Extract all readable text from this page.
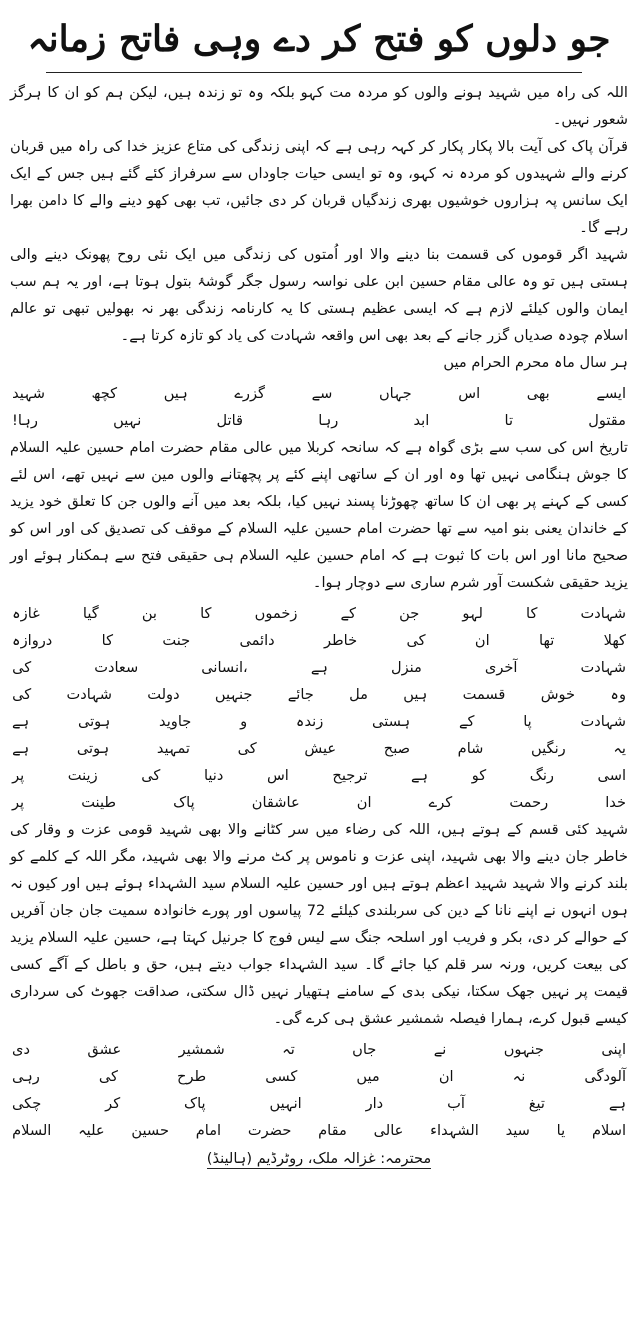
جو دلوں کو فتح کر دے وہی فاتح زمانہ

اللہ کی راہ میں شہید ہونے والوں کو مردہ مت کہو بلکہ وہ تو زندہ ہیں، لیکن ہم کو ان کا ہرگز شعور نہیں۔

قرآن پاک کی آیت بالا پکار پکار کر کہہ رہی ہے کہ اپنی زندگی کی متاع عزیز خدا کی راہ میں قربان کرنے والے شہیدوں کو مردہ نہ کہو، وہ تو ایسی حیات جاوداں سے سرفراز کئے گئے ہیں جس کے ایک ایک سانس پہ ہزاروں خوشیوں بھری زندگیاں قربان کر دی جائیں، تب بھی کھو دینے والے کا دامن بھرا رہے گا۔

شہید اگر قوموں کی قسمت بنا دینے والا اور اُمتوں کی زندگی میں ایک نئی روح پھونک دینے والی ہستی ہیں تو وہ عالی مقام حسین ابن علی نواسہ رسول جگر گوشۂ بتول ہوتا ہے، اور یہ ہم سب ایمان والوں کیلئے لازم ہے کہ ایسی عظیم ہستی کا یہ کارنامہ زندگی بھر نہ بھولیں تبھی تو عالم اسلام چودہ صدیاں گزر جانے کے بعد بھی اس واقعہ شہادت کی یاد کو تازہ کرتا ہے۔

ہر سال ماہ محرم الحرام میں

ایسے
بھی
اس
جہاں
سے
گزرے
ہیں
کچھ
شہید
مقتول
تا
ابد
رہا
قاتل
نہیں
رہا!

تاریخ اس کی سب سے بڑی گواہ ہے کہ سانحہ کربلا میں عالی مقام حضرت امام حسین علیہ السلام کا جوش ہنگامی نہیں تھا وہ اور ان کے ساتھی اپنے کئے پر پچھتانے والوں مین سے نہیں تھے، اس لئے کسی کے کہنے پر بھی ان کا ساتھ چھوڑنا پسند نہیں کیا، بلکہ بعد میں آنے والوں جن کا تعلق خود یزید کے خاندان یعنی بنو امیہ سے تھا حضرت امام حسین علیہ السلام کے موقف کی تصدیق کی اور اس کو صحیح مانا اور اس بات کا ثبوت ہے کہ امام حسین علیہ السلام ہی حقیقی فتح سے ہمکنار ہوئے اور یزید حقیقی شکست آور شرم ساری سے دوچار ہوا۔

شہادت
کا
لہو
جن
کے
زخموں
کا
بن
گیا
غازہ
کھلا
تھا
ان
کی
خاطر
دائمی
جنت
کا
دروازہ
شہادت
آخری
منزل
ہے
،انسانی
سعادت
کی
وہ
خوش
قسمت
ہیں
مل
جائے
جنہیں
دولت
شہادت
کی
شہادت
پا
کے
ہستی
زندہ
و
جاوید
ہوتی
ہے
یہ
رنگیں
شام
صبح
عیش
کی
تمہید
ہوتی
ہے
اسی
رنگ
کو
ہے
ترجیح
اس
دنیا
کی
زینت
پر
خدا
رحمت
کرے
ان
عاشقان
پاک
طینت
پر

شہید کئی قسم کے ہوتے ہیں، اللہ کی رضاء میں سر کٹانے والا بھی شہید قومی عزت و وقار کی خاطر جان دینے والا بھی شہید، اپنی عزت و ناموس پر کٹ مرنے والا بھی شہید، مگر اللہ کے کلمے کو بلند کرنے والا شہید شہید اعظم ہوتے ہیں اور حسین علیہ السلام سید الشہداء ہوئے ہیں اور کیوں نہ ہوں انہوں نے اپنے نانا کے دین کی سربلندی کیلئے 72 پیاسوں اور پورے خانوادہ سمیت جان جان آفریں کے حوالے کر دی، بکر و فریب اور اسلحہ جنگ سے لیس فوج کا جرنیل کہتا ہے، حسین علیہ السلام یزید کی بیعت کریں، ورنہ سر قلم کیا جائے گا۔ سید الشہداء جواب دیتے ہیں، حق و باطل کے آگے کسی قیمت پر نہیں جھک سکتا، نیکی بدی کے سامنے ہتھیار نہیں ڈال سکتی، صداقت جھوٹ کی سرداری کیسے قبول کرے، ہمارا فیصلہ شمشیر عشق ہی کرے گی۔

اپنی
جنہوں
نے
جاں
تہ
شمشیر
عشق
دی
آلودگی
نہ
ان
میں
کسی
طرح
کی
رہی
ہے
تیغ
آب
دار
انہیں
پاک
کر
چکی
اسلام
یا
سید
الشہداء
عالی
مقام
حضرت
امام
حسین
علیہ
السلام
محترمہ: غزالہ ملک، روٹرڈیم (ہالینڈ)
